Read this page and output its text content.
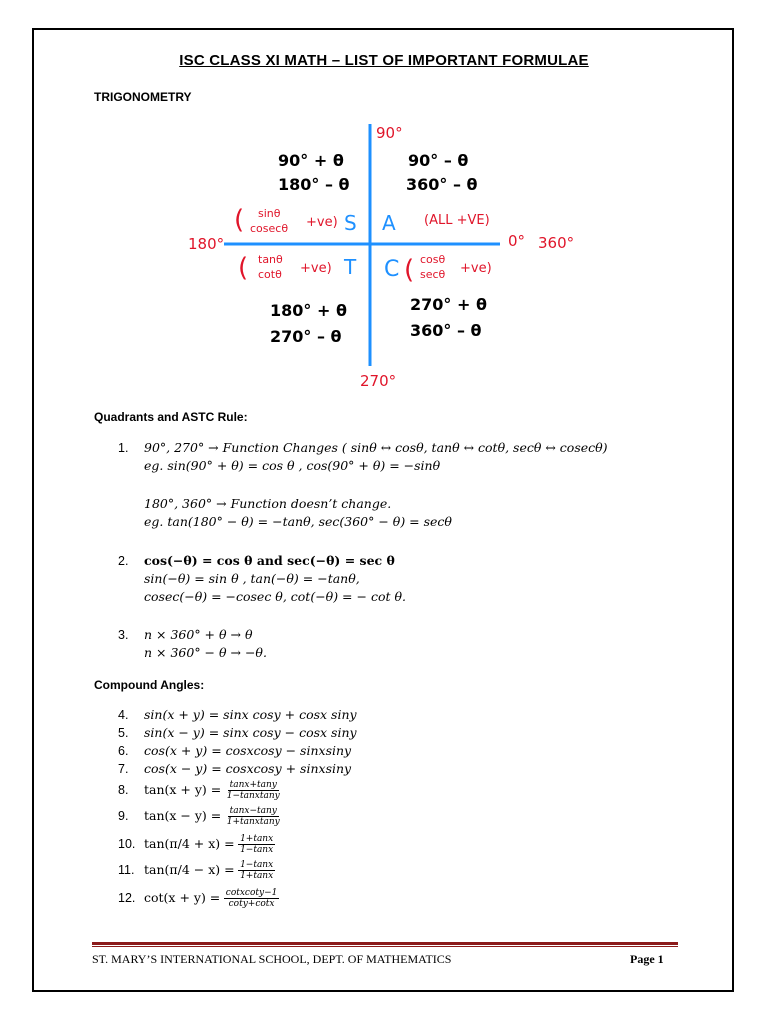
ISC CLASS XI MATH – LIST OF IMPORTANT FORMULAE
TRIGONOMETRY
90°
180°	0° 360°
270°
90° + θ
180° – θ
90° – θ
360° – θ
( sinθ
cosecθ +ve) S A (ALL +VE)
( tanθ
cotθ +ve) T C ( cosθ
secθ +ve)
180° + θ
270° – θ
270° + θ
360° – θ
Quadrants and ASTC Rule:
1. 90°, 270° → Function Changes ( sinθ ↔ cosθ, tanθ ↔ cotθ, secθ ↔ cosecθ)
eg. sin(90° + θ) = cos θ , cos(90° + θ) = −sinθ
180°, 360° → Function doesn’t change.
eg. tan(180° − θ) = −tanθ, sec(360° − θ) = secθ
2. cos(−θ) = cos θ and sec(−θ) = sec θ
sin(−θ) = sin θ , tan(−θ) = −tanθ,
cosec(−θ) = −cosec θ, cot(−θ) = − cot θ.
3. n × 360° + θ → θ
n × 360° − θ → −θ.
Compound Angles:
4. sin(x + y) = sinx cosy + cosx siny
5. sin(x − y) = sinx cosy − cosx siny
6. cos(x + y) = cosxcosy − sinxsiny
7. cos(x − y) = cosxcosy + sinxsiny
8. $\tan(x + y) = \frac{\tan x+\tan y}{\text{1−tanxtany}}$
9. $\tan(x - y) = \frac{\tan x-\tan y}{\text{1+tanxtany}}$
10. $\tan(\pi/4 + x) = \frac{1+\tan x}{1-\tan x}$
11. $\tan(\pi/4 - x) = \frac{1-\tan x}{1+\tan x}$
12. $\cot(x + y) = \frac{\text{cotxcoty−1}}{\cot y+\cot x}$
ST. MARY’S INTERNATIONAL SCHOOL, DEPT. OF MATHEMATICS	Page 1
